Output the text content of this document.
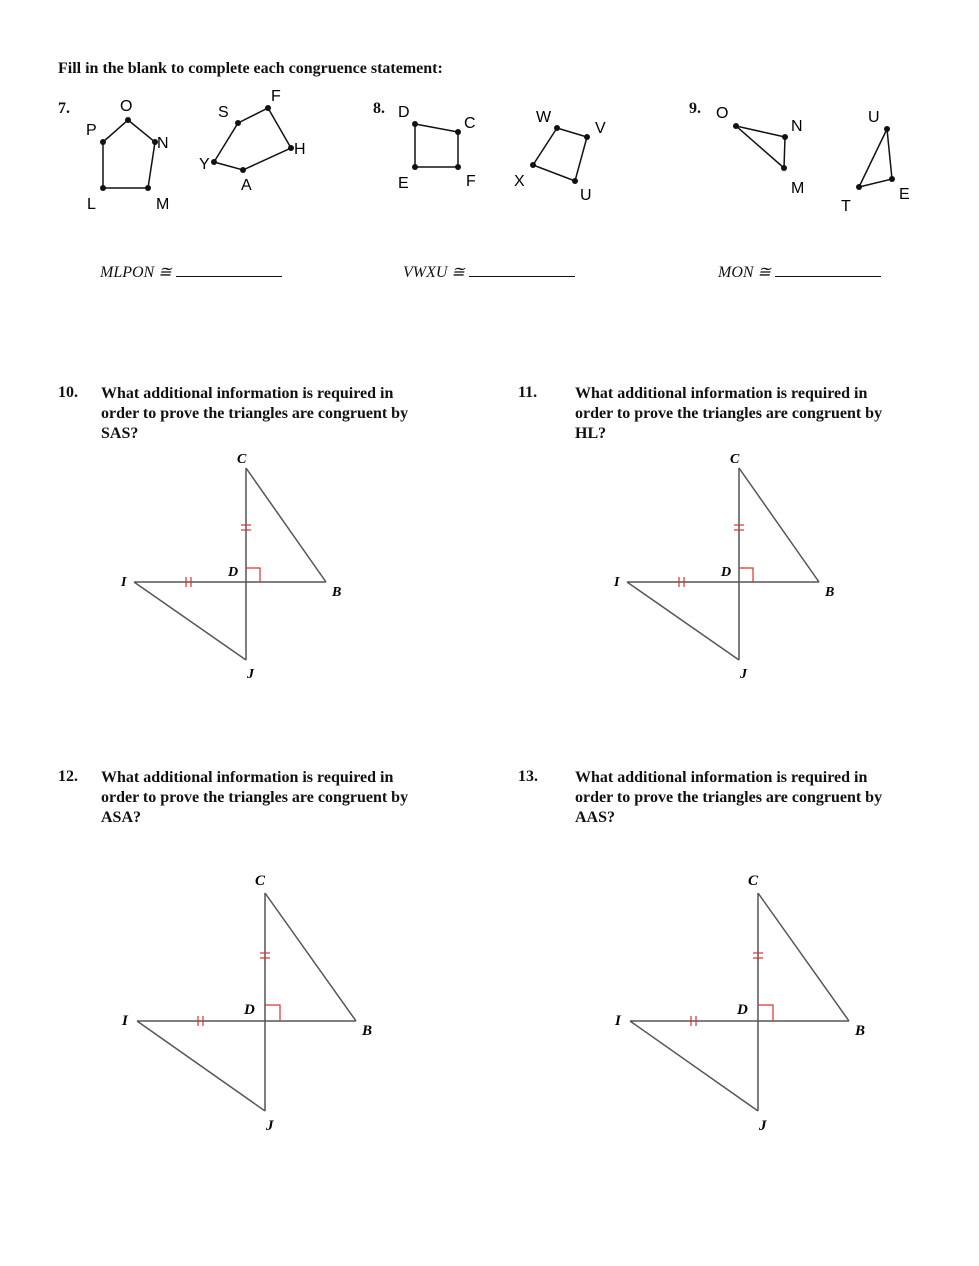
Fill in the blank to complete each congruence statement:
7.	O
P
N
L	M
S
F
H
Y
A
MLPON ≅
8. D
C
E	F
W
V
X
U
VWXU ≅
9. O
N
M
U
T
E
MON ≅
10. What additional information is required in order to prove the triangles are congruent by SAS?
C
D
I
B
J
11. What additional information is required in order to prove the triangles are congruent by HL?
C
D
I
B
J
12. What additional information is required in order to prove the triangles are congruent by ASA?
C
D
I
B
J
13. What additional information is required in order to prove the triangles are congruent by AAS?
C
D
I
B
J
